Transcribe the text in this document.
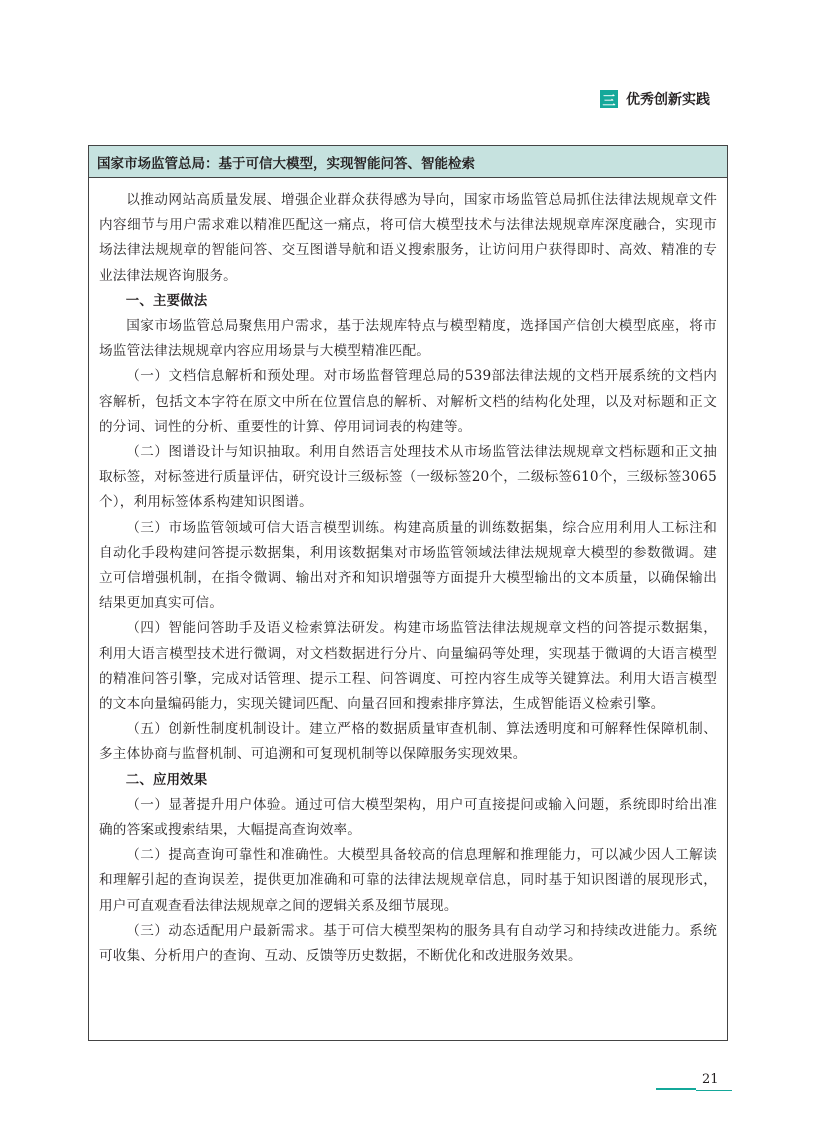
三 优秀创新实践
国家市场监管总局：基于可信大模型，实现智能问答、智能检索

以推动网站高质量发展、增强企业群众获得感为导向，国家市场监管总局抓住法律法规规章文件内容细节与用户需求难以精准匹配这一痛点，将可信大模型技术与法律法规规章库深度融合，实现市场法律法规规章的智能问答、交互图谱导航和语义搜索服务，让访问用户获得即时、高效、精准的专业法律法规咨询服务。

一、主要做法

国家市场监管总局聚焦用户需求，基于法规库特点与模型精度，选择国产信创大模型底座，将市场监管法律法规规章内容应用场景与大模型精准匹配。

（一）文档信息解析和预处理。对市场监督管理总局的539部法律法规的文档开展系统的文档内容解析，包括文本字符在原文中所在位置信息的解析、对解析文档的结构化处理，以及对标题和正文的分词、词性的分析、重要性的计算、停用词词表的构建等。

（二）图谱设计与知识抽取。利用自然语言处理技术从市场监管法律法规规章文档标题和正文抽取标签，对标签进行质量评估，研究设计三级标签（一级标签20个，二级标签610个，三级标签3065个），利用标签体系构建知识图谱。

（三）市场监管领域可信大语言模型训练。构建高质量的训练数据集，综合应用利用人工标注和自动化手段构建问答提示数据集，利用该数据集对市场监管领域法律法规规章大模型的参数微调。建立可信增强机制，在指令微调、输出对齐和知识增强等方面提升大模型输出的文本质量，以确保输出结果更加真实可信。

（四）智能问答助手及语义检索算法研发。构建市场监管法律法规规章文档的问答提示数据集，利用大语言模型技术进行微调，对文档数据进行分片、向量编码等处理，实现基于微调的大语言模型的精准问答引擎，完成对话管理、提示工程、问答调度、可控内容生成等关键算法。利用大语言模型的文本向量编码能力，实现关键词匹配、向量召回和搜索排序算法，生成智能语义检索引擎。

（五）创新性制度机制设计。建立严格的数据质量审查机制、算法透明度和可解释性保障机制、多主体协商与监督机制、可追溯和可复现机制等以保障服务实现效果。

二、应用效果

（一）显著提升用户体验。通过可信大模型架构，用户可直接提问或输入问题，系统即时给出准确的答案或搜索结果，大幅提高查询效率。

（二）提高查询可靠性和准确性。大模型具备较高的信息理解和推理能力，可以减少因人工解读和理解引起的查询误差，提供更加准确和可靠的法律法规规章信息，同时基于知识图谱的展现形式，用户可直观查看法律法规规章之间的逻辑关系及细节展现。

（三）动态适配用户最新需求。基于可信大模型架构的服务具有自动学习和持续改进能力。系统可收集、分析用户的查询、互动、反馈等历史数据，不断优化和改进服务效果。

21
